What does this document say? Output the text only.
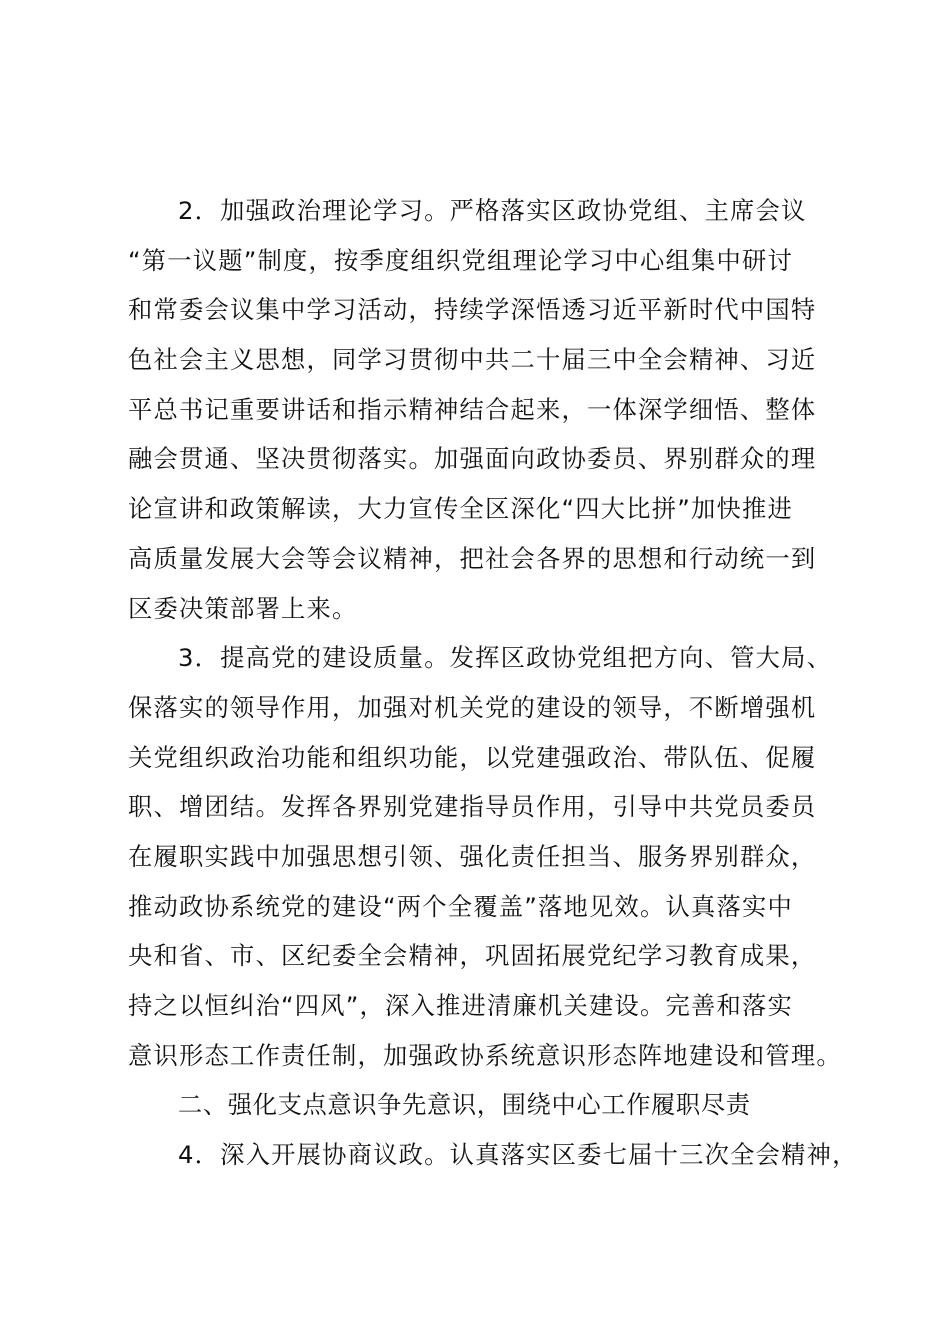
2．加强政治理论学习。严格落实区政协党组、主席会议
“第一议题”制度，按季度组织党组理论学习中心组集中研讨
和常委会议集中学习活动，持续学深悟透习近平新时代中国特
色社会主义思想，同学习贯彻中共二十届三中全会精神、习近
平总书记重要讲话和指示精神结合起来，一体深学细悟、整体
融会贯通、坚决贯彻落实。加强面向政协委员、界别群众的理
论宣讲和政策解读，大力宣传全区深化“四大比拼”加快推进
高质量发展大会等会议精神，把社会各界的思想和行动统一到
区委决策部署上来。
3．提高党的建设质量。发挥区政协党组把方向、管大局、
保落实的领导作用，加强对机关党的建设的领导，不断增强机
关党组织政治功能和组织功能，以党建强政治、带队伍、促履
职、增团结。发挥各界别党建指导员作用，引导中共党员委员
在履职实践中加强思想引领、强化责任担当、服务界别群众，
推动政协系统党的建设“两个全覆盖”落地见效。认真落实中
央和省、市、区纪委全会精神，巩固拓展党纪学习教育成果，
持之以恒纠治“四风”，深入推进清廉机关建设。完善和落实
意识形态工作责任制，加强政协系统意识形态阵地建设和管理。
二、强化支点意识争先意识，围绕中心工作履职尽责
4．深入开展协商议政。认真落实区委七届十三次全会精神，
